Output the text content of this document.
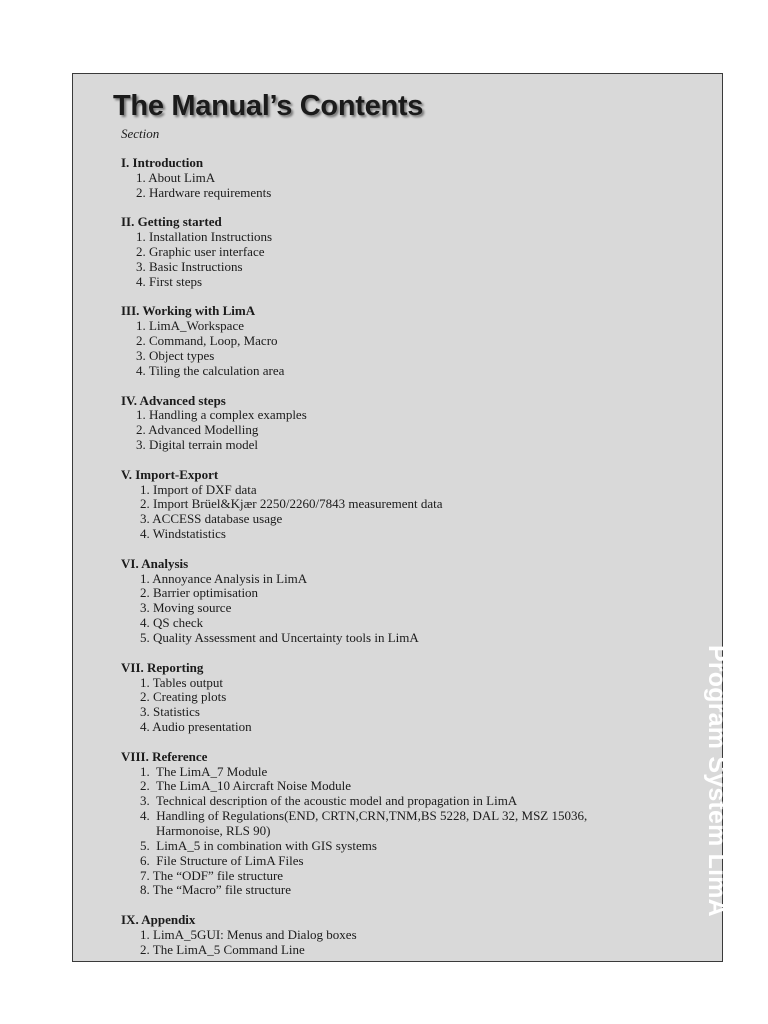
The Manual’s Contents
Section
I. Introduction
1. About LimA
2. Hardware requirements
II. Getting started
1. Installation Instructions
2. Graphic user interface
3. Basic Instructions
4. First steps
III. Working with LimA
1. LimA_Workspace
2. Command, Loop, Macro
3. Object types
4. Tiling the calculation area
IV. Advanced steps
1. Handling a complex examples
2. Advanced Modelling
3. Digital terrain model
V. Import-Export
1. Import of DXF data
2. Import Brüel&Kjær 2250/2260/7843 measurement data
3. ACCESS database usage
4. Windstatistics
VI. Analysis
1. Annoyance Analysis in LimA
2. Barrier optimisation
3. Moving source
4. QS check
5. Quality Assessment and Uncertainty tools in LimA
VII. Reporting
1. Tables output
2. Creating plots
3. Statistics
4. Audio presentation
VIII. Reference
1.  The LimA_7 Module
2.  The LimA_10 Aircraft Noise Module
3.  Technical description of the acoustic model and propagation in LimA
4.  Handling of Regulations(END, CRTN,CRN,TNM,BS 5228, DAL 32, MSZ 15036,
Harmonoise, RLS 90)
5.  LimA_5 in combination with GIS systems
6.  File Structure of LimA Files
7. The “ODF” file structure
8. The “Macro” file structure
IX. Appendix
1. LimA_5GUI: Menus and Dialog boxes
2. The LimA_5 Command Line
Program System LimA
